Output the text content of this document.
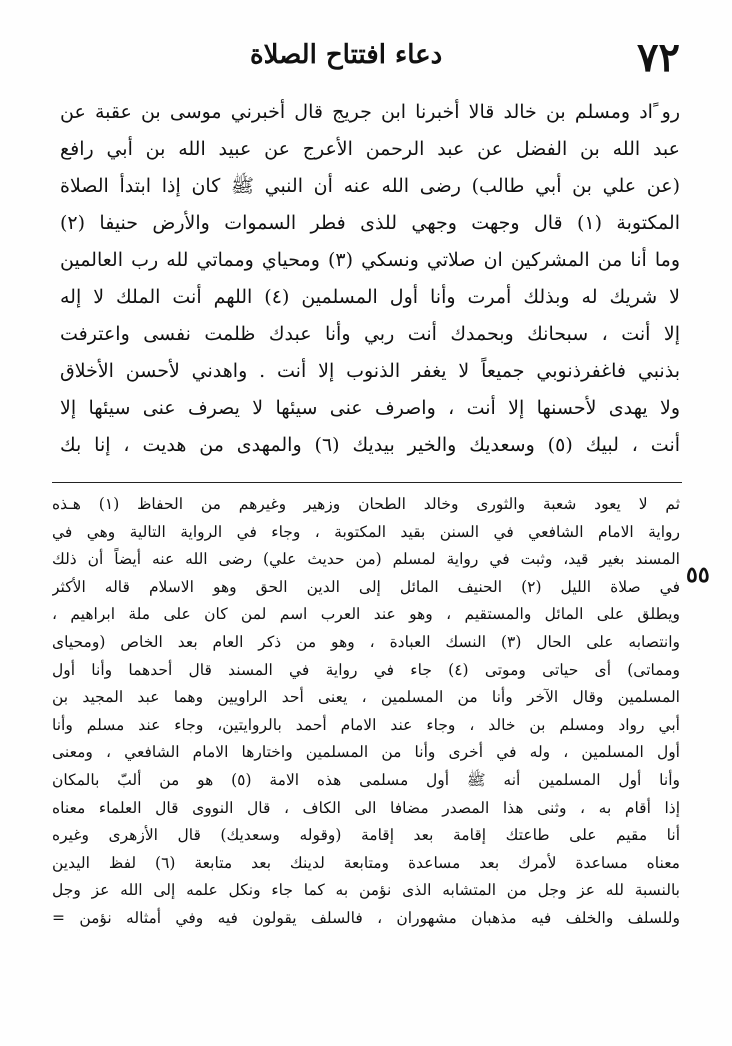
دعاء افتتاح الصلاة	٧٢
رو ًاد ومسلم بن خالد قالا أخبرنا ابن جريج قال أخبرني موسى بن عقبة عن
عبد الله بن الفضل عن عبد الرحمن الأعرج عن عبيد الله بن أبي رافع
(عن علي بن أبي طالب) رضى الله عنه أن النبي ﷺ كان إذا ابتدأ الصلاة
المكتوبة (١) قال وجهت وجهي للذى فطر السموات والأرض حنيفا (٢)
وما أنا من المشركين ان صلاتي ونسكي (٣) ومحياي ومماتي لله رب العالمين
لا شريك له وبذلك أمرت وأنا أول المسلمين (٤) اللهم أنت الملك لا إله
إلا أنت ، سبحانك وبحمدك أنت ربي وأنا عبدك ظلمت نفسى واعترفت
بذنبي فاغفرذنوبي جميعاً لا يغفر الذنوب إلا أنت . واهدني لأحسن الأخلاق
ولا يهدى لأحسنها إلا أنت ، واصرف عنى سيئها لا يصرف عنى سيئها إلا
أنت ، لبيك (٥) وسعديك والخير بيديك (٦) والمهدى من هديت ، إنا بك
ثم لا يعود شعبة والثورى وخالد الطحان وزهير وغيرهم من الحفاظ (١) هـذه
رواية الامام الشافعي في السنن بقيد المكتوبة ، وجاء في الرواية التالية وهي في
المسند بغير قيد، وثبت في رواية لمسلم (من حديث علي) رضى الله عنه أيضاً أن ذلك
في صلاة الليل (٢) الحنيف المائل إلى الدين الحق وهو الاسلام قاله الأكثر
ويطلق على المائل والمستقيم ، وهو عند العرب اسم لمن كان على ملة ابراهيم ،
وانتصابه على الحال (٣) النسك العبادة ، وهو من ذكر العام بعد الخاص (ومحياى
ومماتى) أى حياتى وموتى (٤) جاء في رواية في المسند قال أحدهما وأنا أول
المسلمين وقال الآخر وأنا من المسلمين ، يعنى أحد الراويين وهما عبد المجيد بن
أبي رواد ومسلم بن خالد ، وجاء عند الامام أحمد بالروايتين، وجاء عند مسلم وأنا
أول المسلمين ، وله في أخرى وأنا من المسلمين واختارها الامام الشافعي ، ومعنى
وأنا أول المسلمين أنه ﷺ أول مسلمى هذه الامة (٥) هو من ألبّ بالمكان
إذا أقام به ، وثنى هذا المصدر مضافا الى الكاف ، قال النووى قال العلماء معناه
أنا مقيم على طاعتك إقامة بعد إقامة (وقوله وسعديك) قال الأزهرى وغيره
معناه مساعدة لأمرك بعد مساعدة ومتابعة لدينك بعد متابعة (٦) لفظ اليدين
بالنسبة لله عز وجل من المتشابه الذى نؤمن به كما جاء ونكل علمه إلى الله عز وجل
وللسلف والخلف فيه مذهبان مشهوران ، فالسلف يقولون فيه وفي أمثاله نؤمن =
٥٥
